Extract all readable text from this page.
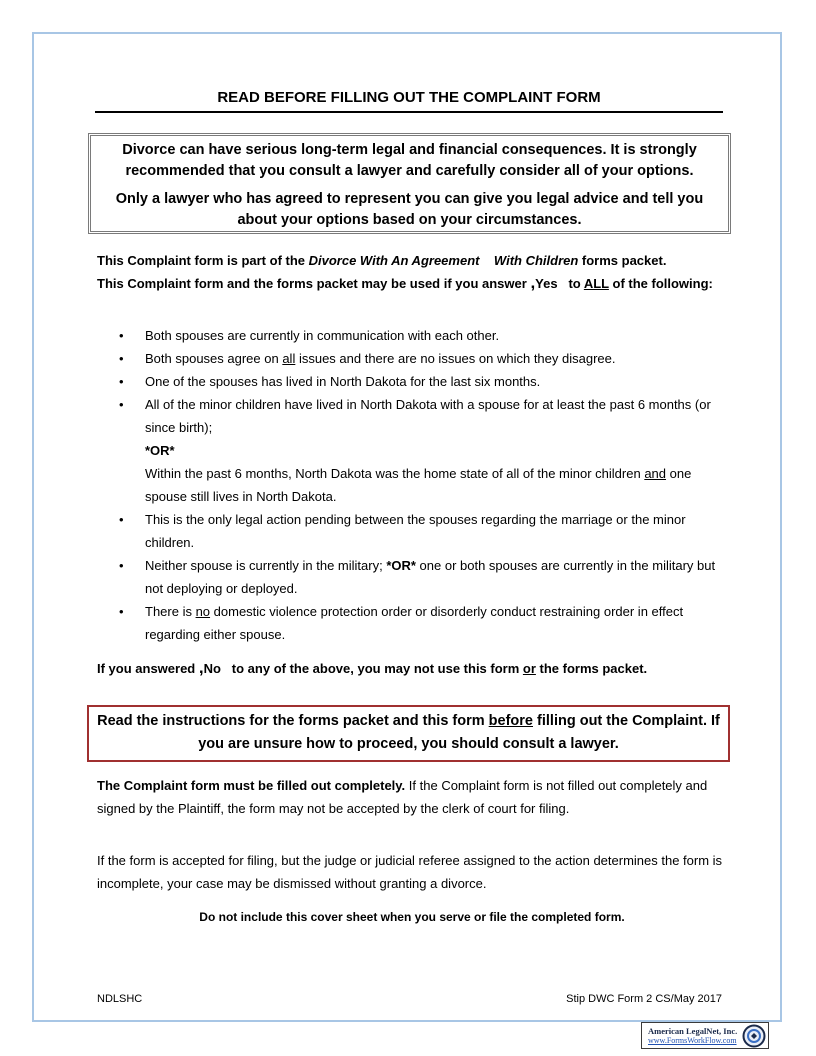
READ BEFORE FILLING OUT THE COMPLAINT FORM

Divorce can have serious long-term legal and financial consequences. It is strongly recommended that you consult a lawyer and carefully consider all of your options.

Only a lawyer who has agreed to represent you can give you legal advice and tell you about your options based on your circumstances.

This Complaint form is part of the Divorce With An Agreement With Children forms packet.
This Complaint form and the forms packet may be used if you answer ,Yes to ALL of the following:
• Both spouses are currently in communication with each other.
• Both spouses agree on all issues and there are no issues on which they disagree.
• One of the spouses has lived in North Dakota for the last six months.
• All of the minor children have lived in North Dakota with a spouse for at least the past 6 months (or since birth);
*OR*
Within the past 6 months, North Dakota was the home state of all of the minor children and one spouse still lives in North Dakota.
• This is the only legal action pending between the spouses regarding the marriage or the minor children.
• Neither spouse is currently in the military; *OR* one or both spouses are currently in the military but not deploying or deployed.
• There is no domestic violence protection order or disorderly conduct restraining order in effect regarding either spouse.
If you answered ,No to any of the above, you may not use this form or the forms packet.
Read the instructions for the forms packet and this form before filling out the Complaint. If you are unsure how to proceed, you should consult a lawyer.

The Complaint form must be filled out completely. If the Complaint form is not filled out completely and signed by the Plaintiff, the form may not be accepted by the clerk of court for filing.

If the form is accepted for filing, but the judge or judicial referee assigned to the action determines the form is incomplete, your case may be dismissed without granting a divorce.

Do not include this cover sheet when you serve or file the completed form.
NDLSHC	Stip DWC Form 2 CS/May 2017
American LegalNet, Inc.
www.FormsWorkFlow.com
